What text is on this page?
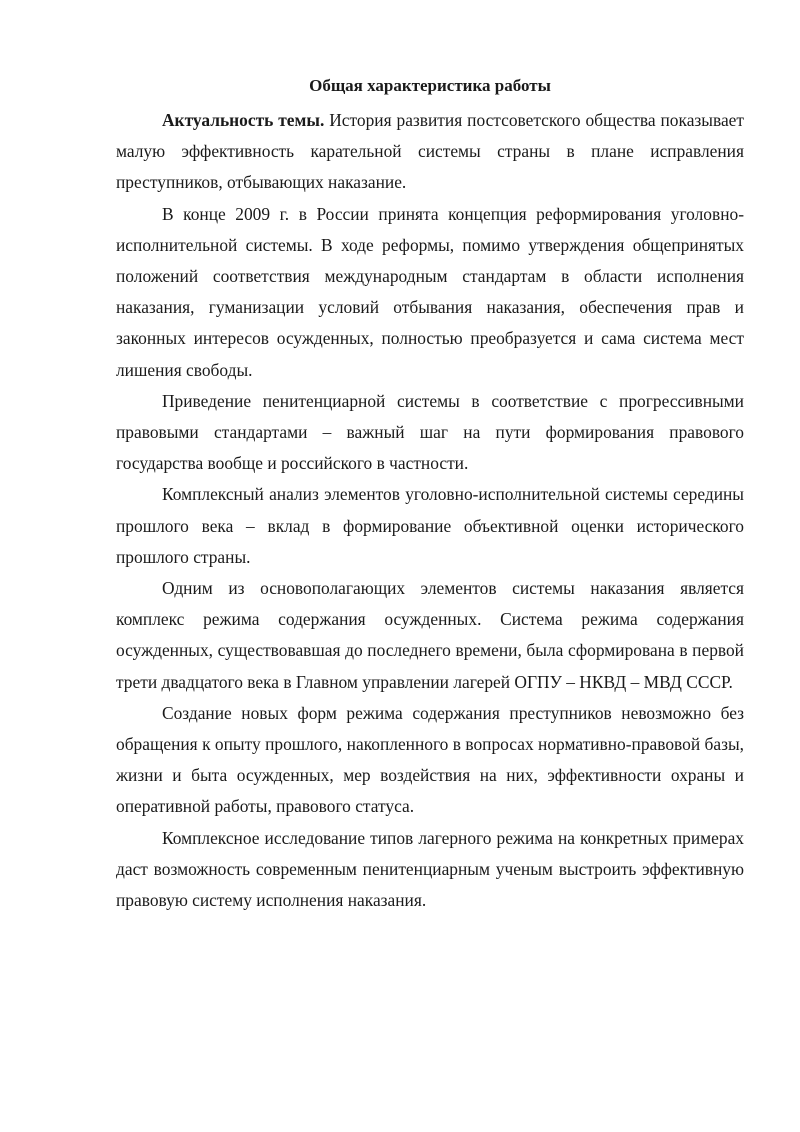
Общая характеристика работы

Актуальность темы. История развития постсоветского общества показывает малую эффективность карательной системы страны в плане исправления преступников, отбывающих наказание.

В конце 2009 г. в России принята концепция реформирования уголовно-исполнительной системы. В ходе реформы, помимо утверждения общепринятых положений соответствия международным стандартам в области исполнения наказания, гуманизации условий отбывания наказания, обеспечения прав и законных интересов осужденных, полностью преобразуется и сама система мест лишения свободы.

Приведение пенитенциарной системы в соответствие с прогрессивными правовыми стандартами – важный шаг на пути формирования правового государства вообще и российского в частности.

Комплексный анализ элементов уголовно-исполнительной системы середины прошлого века – вклад в формирование объективной оценки исторического прошлого страны.

Одним из основополагающих элементов системы наказания является комплекс режима содержания осужденных. Система режима содержания осужденных, существовавшая до последнего времени, была сформирована в первой трети двадцатого века в Главном управлении лагерей ОГПУ – НКВД – МВД СССР.

Создание новых форм режима содержания преступников невозможно без обращения к опыту прошлого, накопленного в вопросах нормативно-правовой базы, жизни и быта осужденных, мер воздействия на них, эффективности охраны и оперативной работы, правового статуса.

Комплексное исследование типов лагерного режима на конкретных примерах даст возможность современным пенитенциарным ученым выстроить эффективную правовую систему исполнения наказания.
